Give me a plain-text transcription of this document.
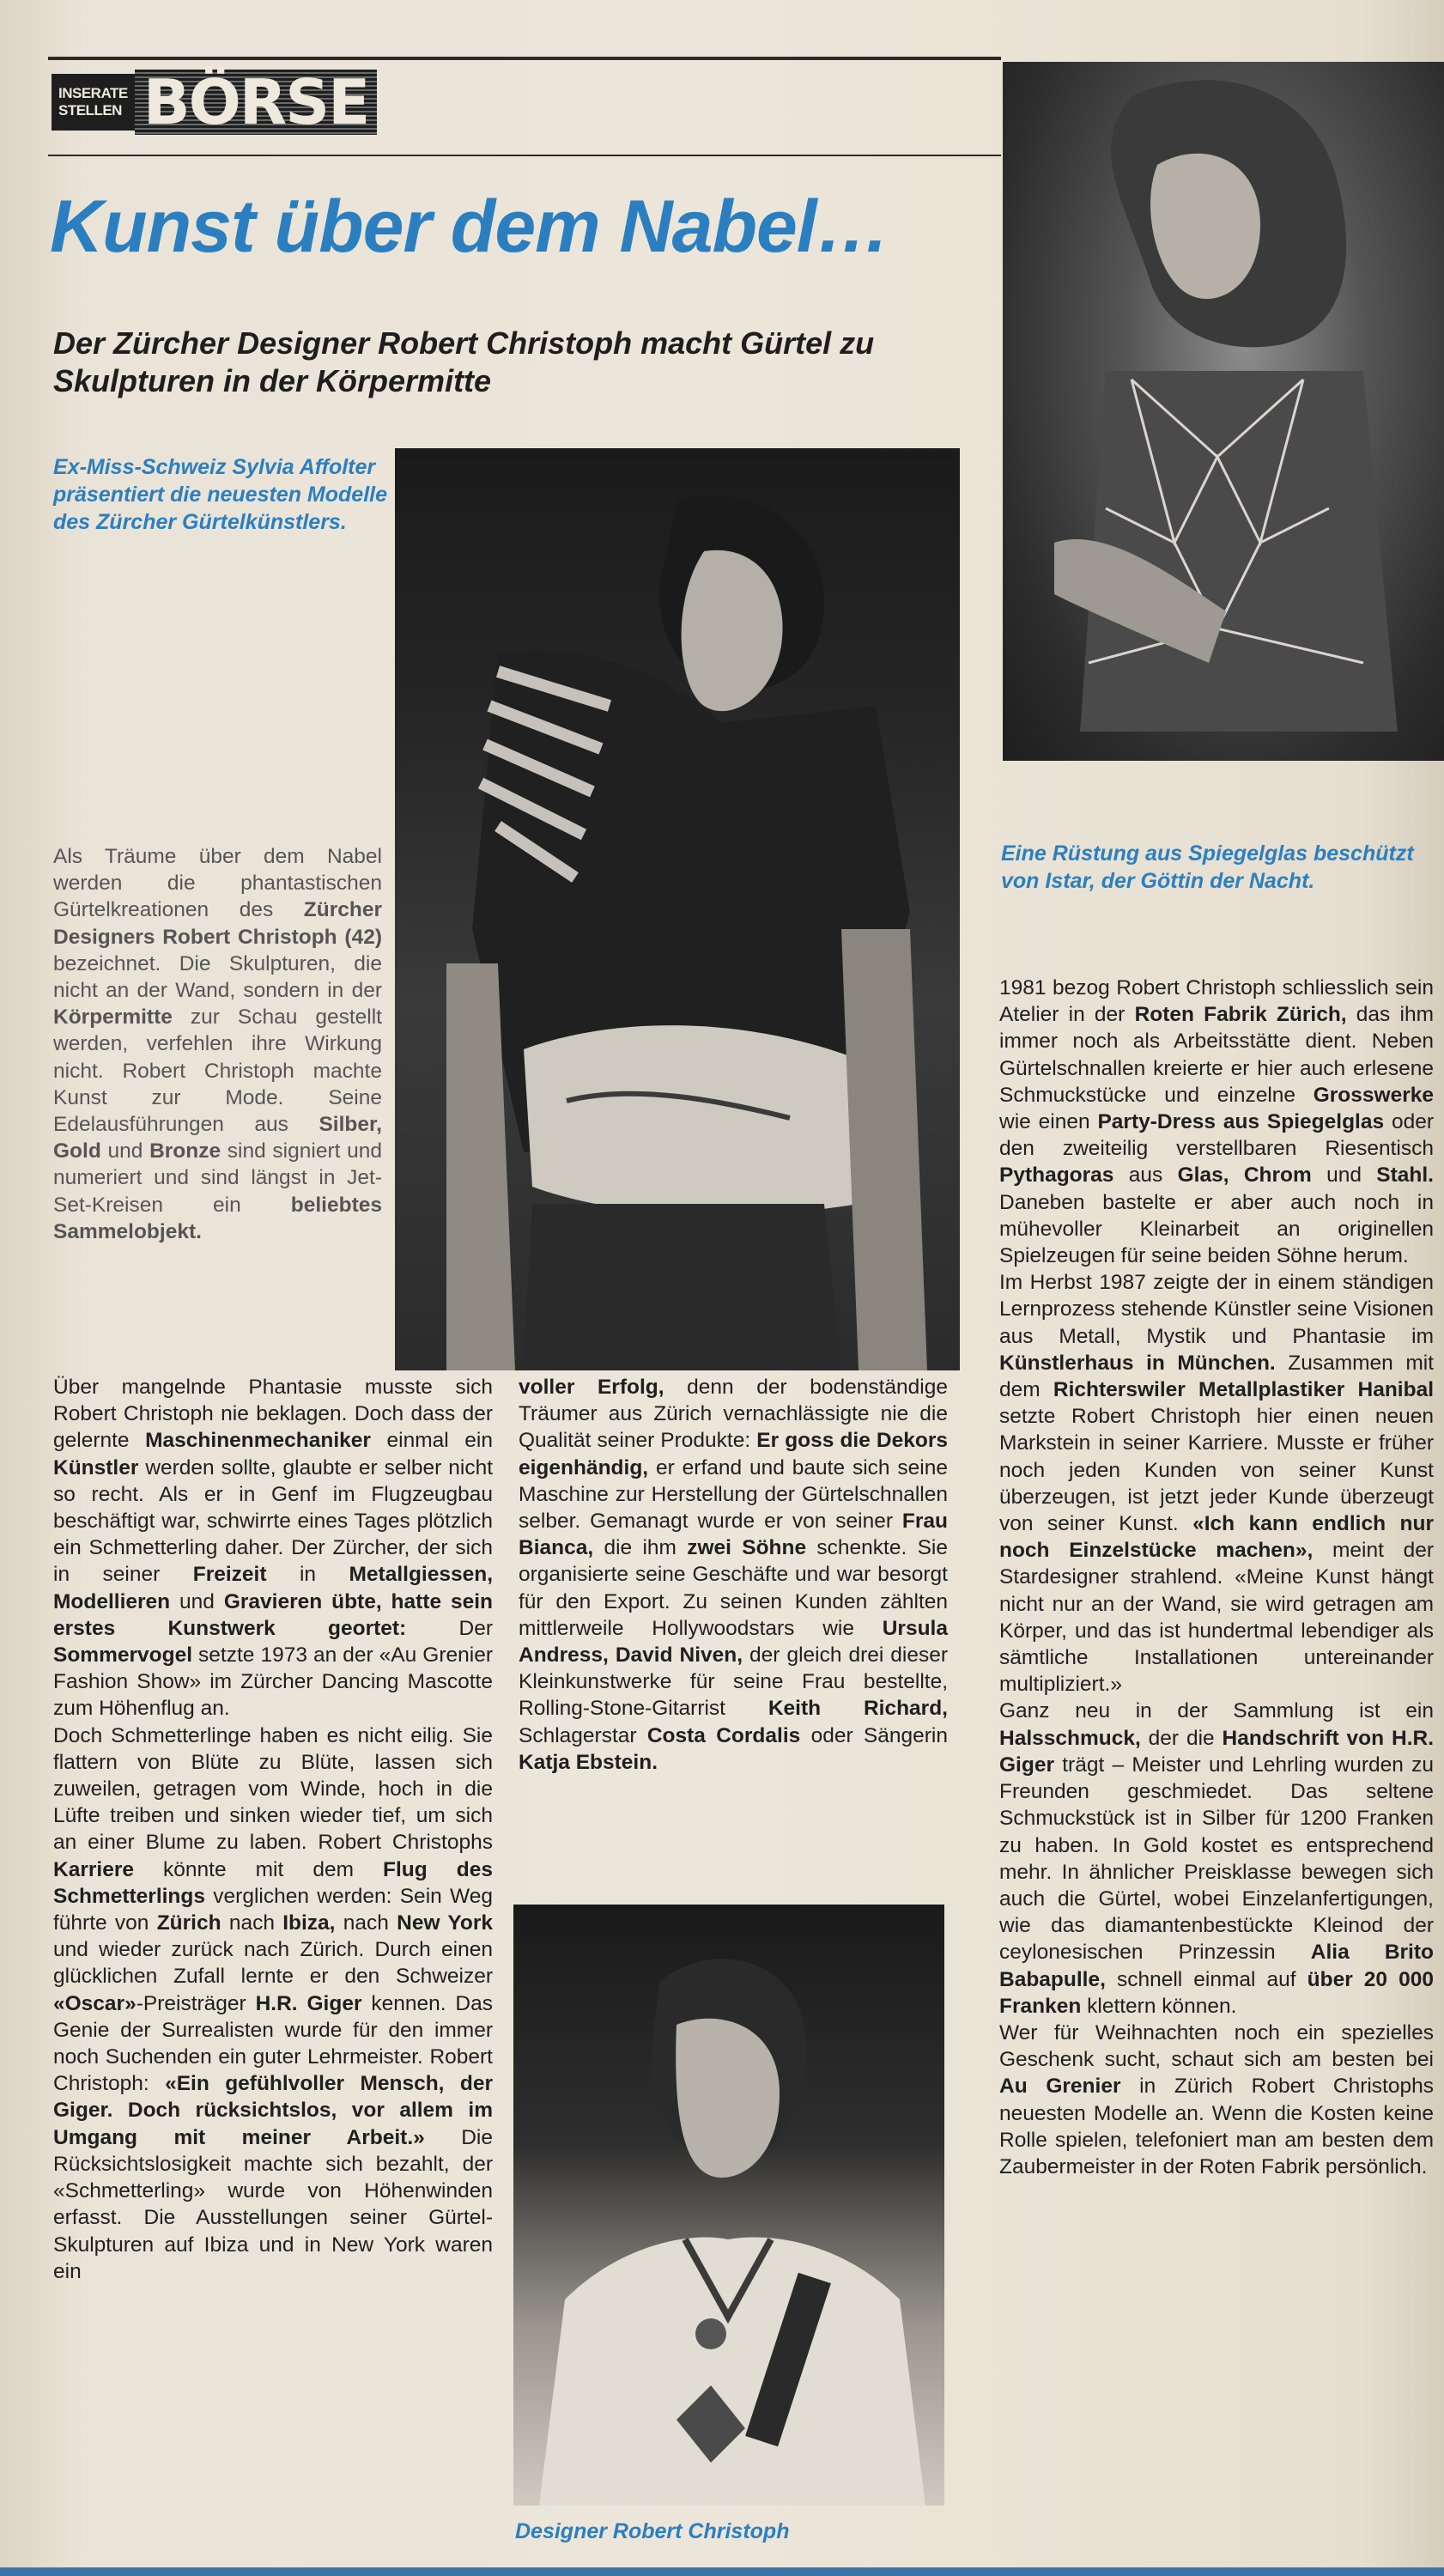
INSERATE
STELLEN BÖRSE
Kunst über dem Nabel…
Der Zürcher Designer Robert Christoph macht Gürtel zu Skulpturen in der Körpermitte
Ex-Miss-Schweiz Sylvia Affolter präsentiert die neuesten Modelle des Zürcher Gürtelkünstlers.
Eine Rüstung aus Spiegelglas beschützt von Istar, der Göttin der Nacht.

Als Träume über dem Nabel werden die phantastischen Gürtelkreationen des Zürcher Designers Robert Christoph (42) bezeichnet. Die Skulpturen, die nicht an der Wand, sondern in der Körpermitte zur Schau gestellt werden, verfehlen ihre Wirkung nicht. Robert Christoph machte Kunst zur Mode. Seine Edelausführungen aus Silber, Gold und Bronze sind signiert und numeriert und sind längst in Jet-Set-Kreisen ein beliebtes Sammelobjekt.

Über mangelnde Phantasie musste sich Robert Christoph nie beklagen. Doch dass der gelernte Maschinenmechaniker einmal ein Künstler werden sollte, glaubte er selber nicht so recht. Als er in Genf im Flugzeugbau beschäftigt war, schwirrte eines Tages plötzlich ein Schmetterling daher. Der Zürcher, der sich in seiner Freizeit in Metallgiessen, Modellieren und Gravieren übte, hatte sein erstes Kunstwerk geortet: Der Sommervogel setzte 1973 an der «Au Grenier Fashion Show» im Zürcher Dancing Mascotte zum Höhenflug an.

Doch Schmetterlinge haben es nicht eilig. Sie flattern von Blüte zu Blüte, lassen sich zuweilen, getragen vom Winde, hoch in die Lüfte treiben und sinken wieder tief, um sich an einer Blume zu laben. Robert Christophs Karriere könnte mit dem Flug des Schmetterlings verglichen werden: Sein Weg führte von Zürich nach Ibiza, nach New York und wieder zurück nach Zürich. Durch einen glücklichen Zufall lernte er den Schweizer «Oscar»-Preisträger H.R. Giger kennen. Das Genie der Surrealisten wurde für den immer noch Suchenden ein guter Lehrmeister. Robert Christoph: «Ein gefühlvoller Mensch, der Giger. Doch rücksichtslos, vor allem im Umgang mit meiner Arbeit.» Die Rücksichtslosigkeit machte sich bezahlt, der «Schmetterling» wurde von Höhenwinden erfasst. Die Ausstellungen seiner Gürtel-Skulpturen auf Ibiza und in New York waren ein

voller Erfolg, denn der bodenständige Träumer aus Zürich vernachlässigte nie die Qualität seiner Produkte: Er goss die Dekors eigenhändig, er erfand und baute sich seine Maschine zur Herstellung der Gürtelschnallen selber. Gemanagt wurde er von seiner Frau Bianca, die ihm zwei Söhne schenkte. Sie organisierte seine Geschäfte und war besorgt für den Export. Zu seinen Kunden zählten mittlerweile Hollywoodstars wie Ursula Andress, David Niven, der gleich drei dieser Kleinkunstwerke für seine Frau bestellte, Rolling-Stone-Gitarrist Keith Richard, Schlagerstar Costa Cordalis oder Sängerin Katja Ebstein.

Designer Robert Christoph

1981 bezog Robert Christoph schliesslich sein Atelier in der Roten Fabrik Zürich, das ihm immer noch als Arbeitsstätte dient. Neben Gürtelschnallen kreierte er hier auch erlesene Schmuckstücke und einzelne Grosswerke wie einen Party-Dress aus Spiegelglas oder den zweiteilig verstellbaren Riesentisch Pythagoras aus Glas, Chrom und Stahl. Daneben bastelte er aber auch noch in mühevoller Kleinarbeit an originellen Spielzeugen für seine beiden Söhne herum.

Im Herbst 1987 zeigte der in einem ständigen Lernprozess stehende Künstler seine Visionen aus Metall, Mystik und Phantasie im Künstlerhaus in München. Zusammen mit dem Richterswiler Metallplastiker Hanibal setzte Robert Christoph hier einen neuen Markstein in seiner Karriere. Musste er früher noch jeden Kunden von seiner Kunst überzeugen, ist jetzt jeder Kunde überzeugt von seiner Kunst. «Ich kann endlich nur noch Einzelstücke machen», meint der Stardesigner strahlend. «Meine Kunst hängt nicht nur an der Wand, sie wird getragen am Körper, und das ist hundertmal lebendiger als sämtliche Installationen untereinander multipliziert.»

Ganz neu in der Sammlung ist ein Halsschmuck, der die Handschrift von H.R. Giger trägt – Meister und Lehrling wurden zu Freunden geschmiedet. Das seltene Schmuckstück ist in Silber für 1200 Franken zu haben. In Gold kostet es entsprechend mehr. In ähnlicher Preisklasse bewegen sich auch die Gürtel, wobei Einzelanfertigungen, wie das diamantenbestückte Kleinod der ceylonesischen Prinzessin Alia Brito Babapulle, schnell einmal auf über 20 000 Franken klettern können.

Wer für Weihnachten noch ein spezielles Geschenk sucht, schaut sich am besten bei Au Grenier in Zürich Robert Christophs neuesten Modelle an. Wenn die Kosten keine Rolle spielen, telefoniert man am besten dem Zaubermeister in der Roten Fabrik persönlich.
